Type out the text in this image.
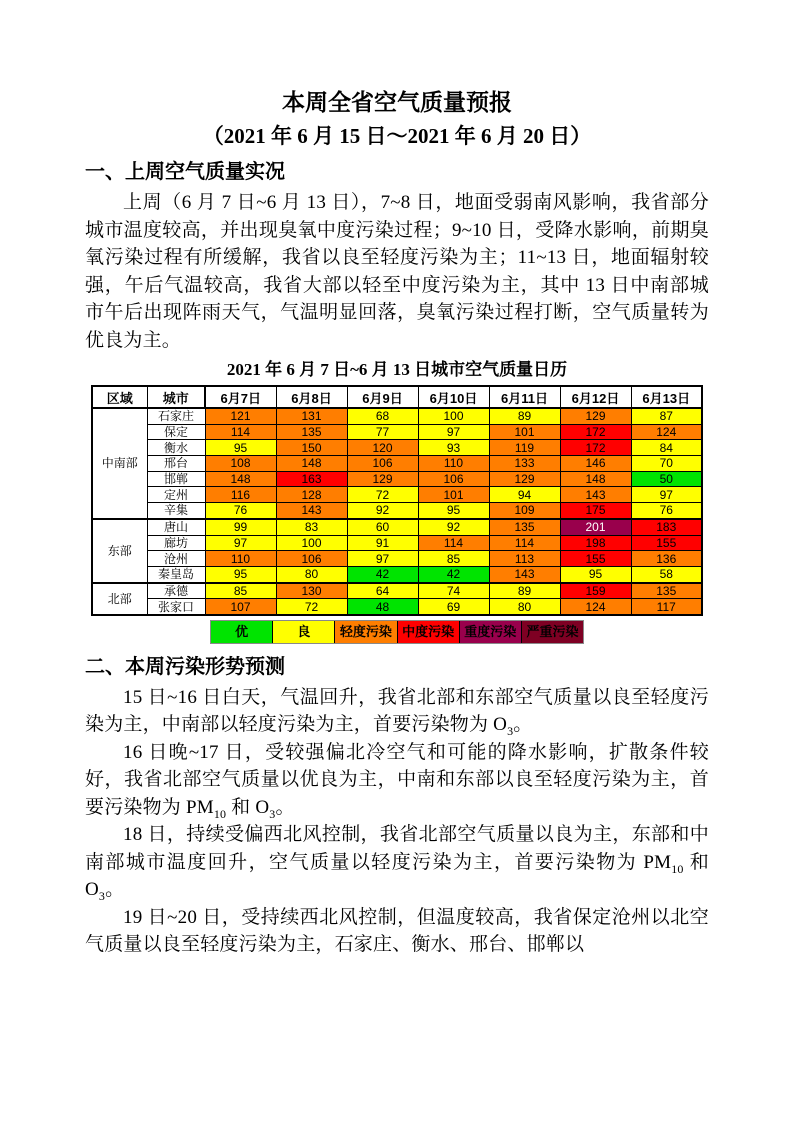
本周全省空气质量预报
（2021 年 6 月 15 日～2021 年 6 月 20 日）
一、上周空气质量实况

上周（6 月 7 日~6 月 13 日），7~8 日，地面受弱南风影响，我省部分城市温度较高，并出现臭氧中度污染过程；9~10 日，受降水影响，前期臭氧污染过程有所缓解，我省以良至轻度污染为主；11~13 日，地面辐射较强，午后气温较高，我省大部以轻至中度污染为主，其中 13 日中南部城市午后出现阵雨天气，气温明显回落，臭氧污染过程打断，空气质量转为优良为主。

2021 年 6 月 7 日~6 月 13 日城市空气质量日历
区域	城市	6月7日	6月8日	6月9日	6月10日	6月11日	6月12日	6月13日
中南部	石家庄	121	131	68	100	89	129	87
	保定	114	135	77	97	101	172	124
	衡水	95	150	120	93	119	172	84
	邢台	108	148	106	110	133	146	70
	邯郸	148	163	129	106	129	148	50
	定州	116	128	72	101	94	143	97
	辛集	76	143	92	95	109	175	76
东部	唐山	99	83	60	92	135	201	183
	廊坊	97	100	91	114	114	198	155
	沧州	110	106	97	85	113	155	136
	秦皇岛	95	80	42	42	143	95	58
北部	承德	85	130	64	74	89	159	135
	张家口	107	72	48	69	80	124	117
优	良	轻度污染 中度污染 重度污染 严重污染
二、本周污染形势预测

15 日~16 日白天，气温回升，我省北部和东部空气质量以良至轻度污染为主，中南部以轻度污染为主，首要污染物为 $O_3$。

16 日晚~17 日，受较强偏北冷空气和可能的降水影响，扩散条件较好，我省北部空气质量以优良为主，中南和东部以良至轻度污染为主，首要污染物为 $PM_{10}$ 和 $O_3$。

18 日，持续受偏西北风控制，我省北部空气质量以良为主，东部和中南部城市温度回升，空气质量以轻度污染为主，首要污染物为 $PM_{10}$ 和 $O_3$。

19 日~20 日，受持续西北风控制，但温度较高，我省保定沧州以北空气质量以良至轻度污染为主，石家庄、衡水、邢台、邯郸以
